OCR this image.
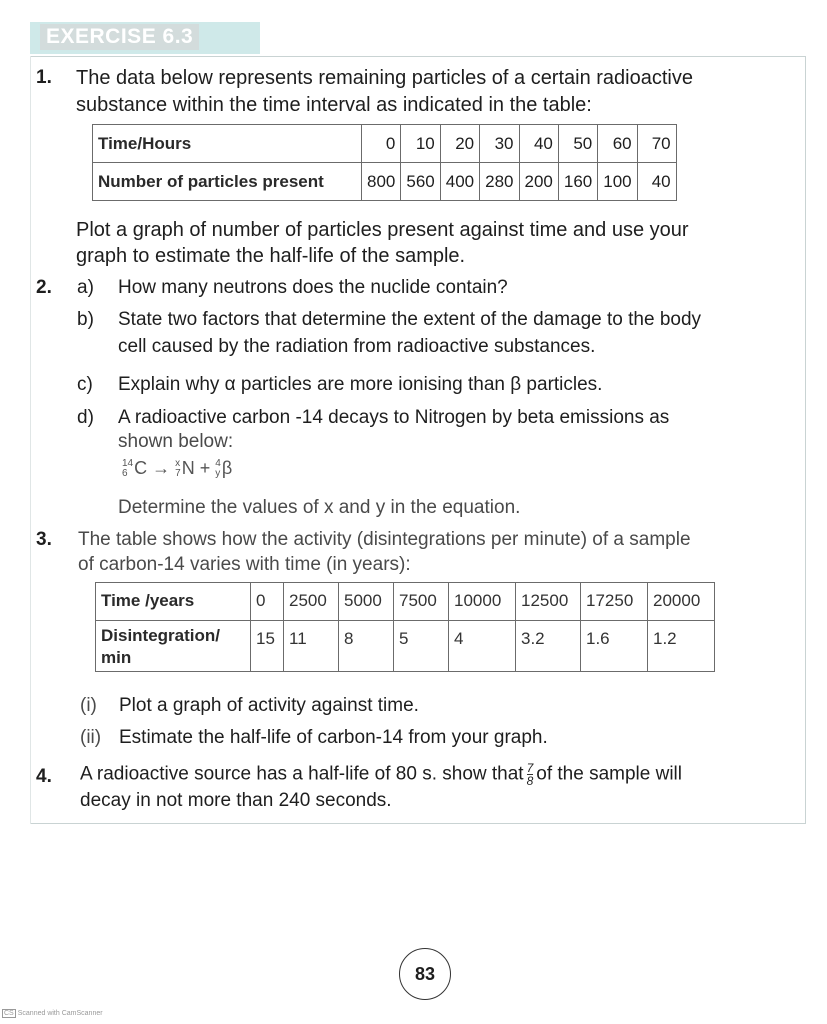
EXERCISE 6.3
1. The data below represents remaining particles of a certain radioactive
substance within the time interval as indicated in the table:
Time/Hours	0	10	20	30	40	50	60	70
Number of particles present	800	560	400	280	200	160	100	40
Plot a graph of number of particles present against time and use your
graph to estimate the half-life of the sample.
2. a) How many neutrons does the nuclide contain?
b) State two factors that determine the extent of the damage to the body
cell caused by the radiation from radioactive substances.
c) Explain why α particles are more ionising than β particles.
d) A radioactive carbon -14 decays to Nitrogen by beta emissions as
shown below:
14
6 C → x
7 N + 4
y β
Determine the values of x and y in the equation.
3. The table shows how the activity (disintegrations per minute) of a sample
of carbon-14 varies with time (in years):
Time /years	0	2500	5000	7500	10000	12500	17250	20000
Disintegration/
min	15	11	8	5	4	3.2	1.6	1.2
(i) Plot a graph of activity against time.
(ii) Estimate the half-life of carbon-14 from your graph.
4. A radioactive source has a half-life of 80 s. show that $\frac{7}{8}$ of the sample will
decay in not more than 240 seconds.
83
CS Scanned with CamScanner
